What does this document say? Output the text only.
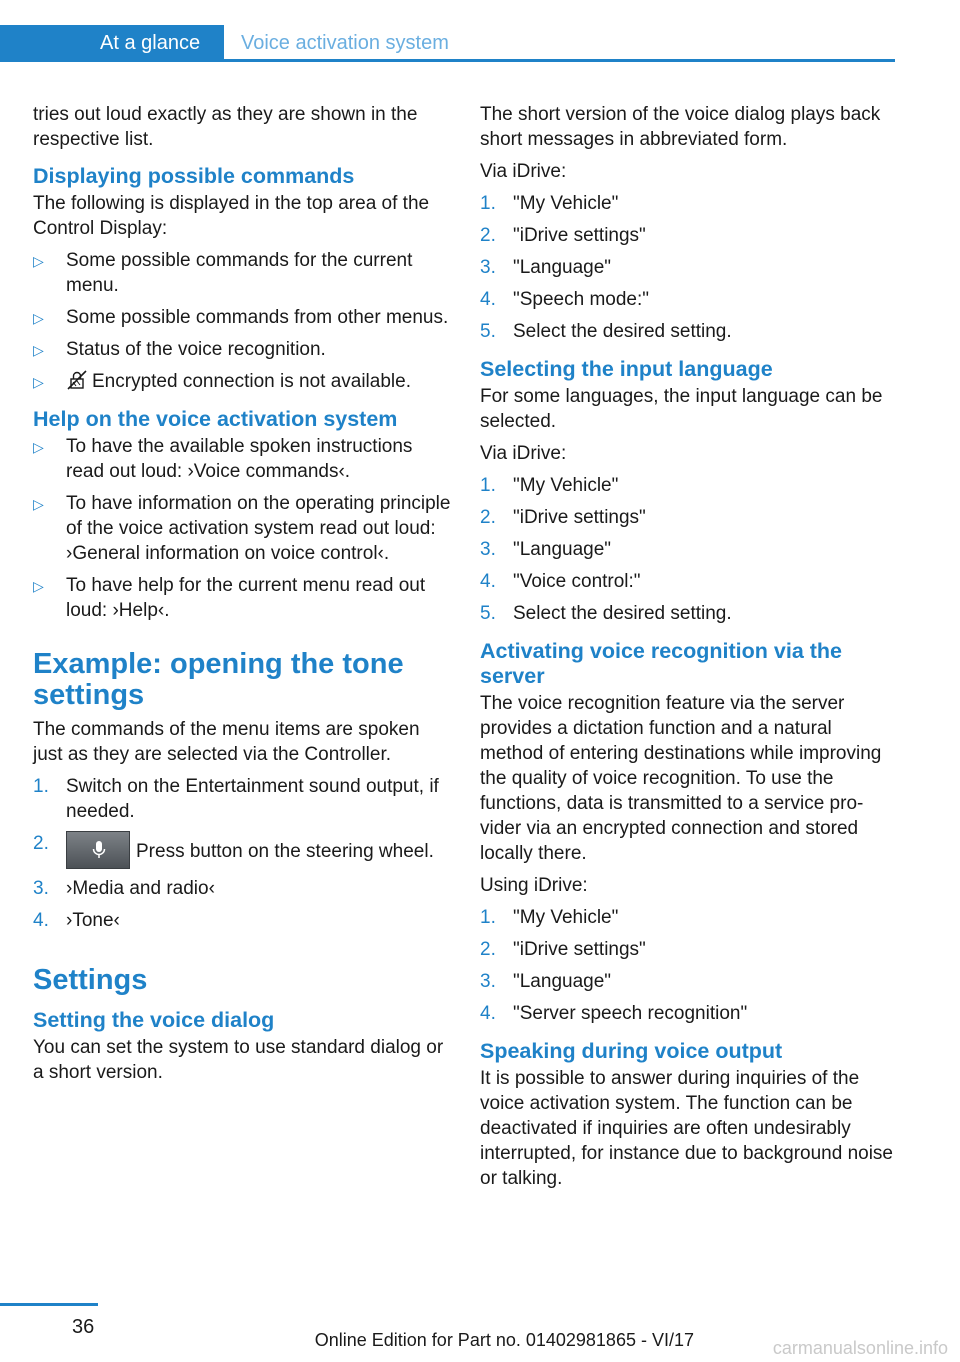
At a glance	Voice activation system

tries out loud exactly as they are shown in the respective list.

Displaying possible commands

The following is displayed in the top area of the Control Display:

▷ Some possible commands for the current menu.
▷ Some possible commands from other menus.
▷ Status of the voice recognition.
▷	Encrypted connection is not available.
Help on the voice activation system
▷ To have the available spoken instructions read out loud: ›Voice commands‹.
▷ To have information on the operating principle of the voice activation system read out loud: ›General information on voice control‹.
▷ To have help for the current menu read out loud: ›Help‹.
Example: opening the tone settings

The commands of the menu items are spoken just as they are selected via the Controller.

1. Switch on the Entertainment sound output, if needed.
2.	Press button on the steering wheel.
3. ›Media and radio‹
4. ›Tone‹
Settings
Setting the voice dialog

You can set the system to use standard dialog or a short version.

The short version of the voice dialog plays back short messages in abbreviated form.

Via iDrive:

1. "My Vehicle"
2. "iDrive settings"
3. "Language"
4. "Speech mode:"
5. Select the desired setting.
Selecting the input language

For some languages, the input language can be selected.

Via iDrive:

1. "My Vehicle"
2. "iDrive settings"
3. "Language"
4. "Voice control:"
5. Select the desired setting.
Activating voice recognition via the server

The voice recognition feature via the server provides a dictation function and a natural method of entering destinations while improving the quality of voice recognition. To use the functions, data is transmitted to a service provider via an encrypted connection and stored locally there.

Using iDrive:

1. "My Vehicle"
2. "iDrive settings"
3. "Language"
4. "Server speech recognition"
Speaking during voice output

It is possible to answer during inquiries of the voice activation system. The function can be deactivated if inquiries are often undesirably interrupted, for instance due to background noise or talking.

36
Online Edition for Part no. 01402981865 - VI/17	carmanualsonline.info
